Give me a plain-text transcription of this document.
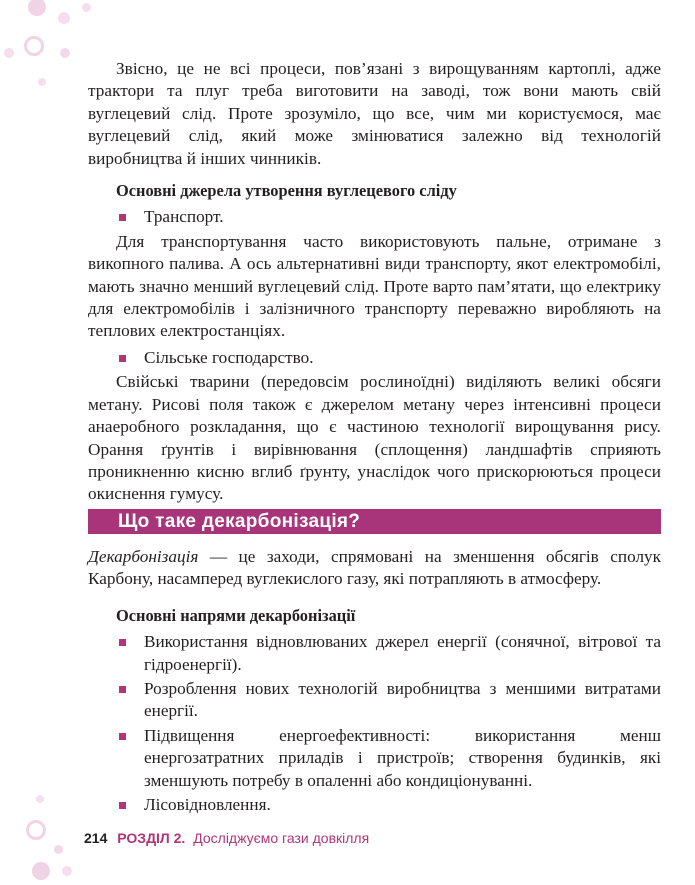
Звісно, це не всі процеси, пов’язані з вирощуванням картоплі, адже трактори та плуг треба виготовити на заводі, тож вони мають свій вуглецевий слід. Проте зрозуміло, що все, чим ми користуємося, має вуглецевий слід, який може змінюватися залежно від технологій виробництва й інших чинників.

Основні джерела утворення вуглецевого сліду

Транспорт.

Для транспортування часто використовують пальне, отримане з викопного палива. А ось альтернативні види транспорту, якот електромобілі, мають значно менший вуглецевий слід. Проте варто пам’ятати, що електрику для електромобілів і залізничного транспорту переважно виробляють на теплових електростанціях.

Сільське господарство.

Свійські тварини (передовсім рослиноїдні) виділяють великі обсяги метану. Рисові поля також є джерелом метану через інтенсивні процеси анаеробного розкладання, що є частиною технології вирощування рису. Орання ґрунтів і вирівнювання (сплощення) ландшафтів сприяють проникненню кисню вглиб ґрунту, унаслідок чого прискорюються процеси окиснення гумусу.

Що таке декарбонізація?

Декарбонізація — це заходи, спрямовані на зменшення обсягів сполук Карбону, насамперед вуглекислого газу, які потрапляють в атмосферу.

Основні напрями декарбонізації

Використання відновлюваних джерел енергії (сонячної, вітрової та гідроенергії).

Розроблення нових технологій виробництва з меншими витратами енергії.

Підвищення енергоефективності: використання менш енергозатратних приладів і пристроїв; створення будинків, які зменшують потребу в опаленні або кондиціонуванні.

Лісовідновлення.

214 РОЗДІЛ 2. Досліджуємо гази довкілля
